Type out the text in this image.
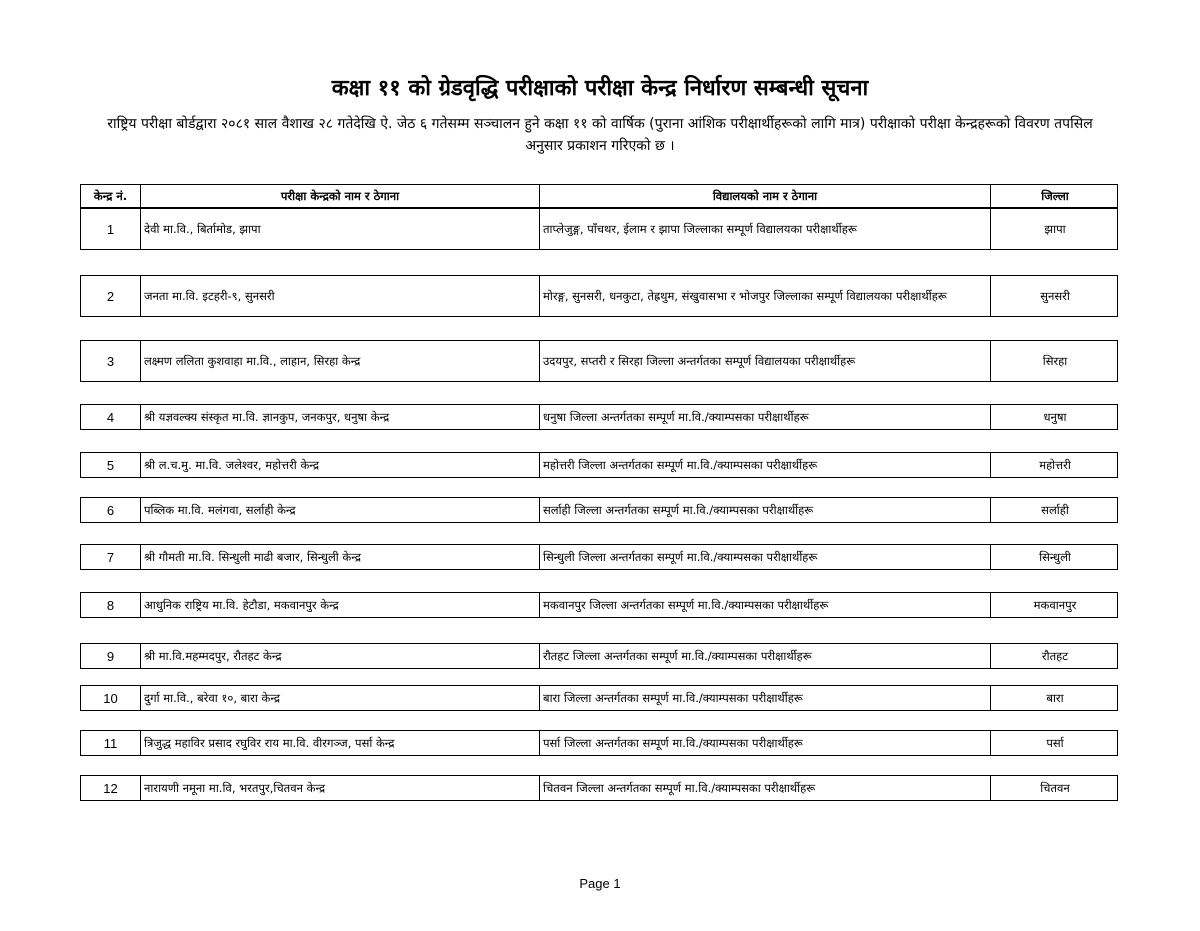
कक्षा ११ को ग्रेडवृद्धि परीक्षाको परीक्षा केन्द्र निर्धारण सम्बन्धी सूचना
राष्ट्रिय परीक्षा बोर्डद्वारा २०८१ साल वैशाख २८ गतेदेखि ऐ. जेठ ६ गतेसम्म सञ्चालन हुने कक्षा ११ को वार्षिक (पुराना आंशिक परीक्षार्थीहरूको लागि मात्र) परीक्षाको परीक्षा केन्द्रहरूको विवरण तपसिल अनुसार प्रकाशन गरिएको छ ।
केन्द्र नं.	परीक्षा केन्द्रको नाम र ठेगाना	विद्यालयको नाम र ठेगाना	जिल्ला
1	देवी मा.वि., बिर्तामोड, झापा	ताप्लेजुङ्ग, पाँचथर, ईलाम र झापा जिल्लाका सम्पूर्ण विद्यालयका परीक्षार्थीहरू	झापा
2	जनता मा.वि. इटहरी-९, सुनसरी	मोरङ्ग, सुनसरी, धनकुटा, तेह्रथुम, संखुवासभा र भोजपुर जिल्लाका सम्पूर्ण विद्यालयका परीक्षार्थीहरू	सुनसरी
3	लक्ष्मण ललिता कुशवाहा मा.वि., लाहान, सिरहा केन्द्र	उदयपुर, सप्तरी र सिरहा जिल्ला अन्तर्गतका सम्पूर्ण विद्यालयका परीक्षार्थीहरू	सिरहा
4	श्री यज्ञवल्क्य संस्कृत मा.वि. ज्ञानकुप, जनकपुर, धनुषा केन्द्र	धनुषा जिल्ला अन्तर्गतका सम्पूर्ण मा.वि./क्याम्पसका परीक्षार्थीहरू	धनुषा
5	श्री ल.च.मु. मा.वि. जलेश्वर, महोत्तरी केन्द्र	महोत्तरी जिल्ला अन्तर्गतका सम्पूर्ण मा.वि./क्याम्पसका परीक्षार्थीहरू	महोत्तरी
6	पब्लिक मा.वि. मलंगवा, सर्लाही केन्द्र	सर्लाही जिल्ला अन्तर्गतका सम्पूर्ण मा.वि./क्याम्पसका परीक्षार्थीहरू	सर्लाही
7	श्री गौमती मा.वि. सिन्धुली माढी बजार, सिन्धुली केन्द्र	सिन्धुली जिल्ला अन्तर्गतका सम्पूर्ण मा.वि./क्याम्पसका परीक्षार्थीहरू	सिन्धुली
8	आधुनिक राष्ट्रिय मा.वि. हेटौडा, मकवानपुर केन्द्र	मकवानपुर जिल्ला अन्तर्गतका सम्पूर्ण मा.वि./क्याम्पसका परीक्षार्थीहरू	मकवानपुर
9	श्री मा.वि.महम्मदपुर, रौतहट केन्द्र	रौतहट जिल्ला अन्तर्गतका सम्पूर्ण मा.वि./क्याम्पसका परीक्षार्थीहरू	रौतहट
10	दुर्गा मा.वि., बरेवा १०, बारा केन्द्र	बारा जिल्ला अन्तर्गतका सम्पूर्ण मा.वि./क्याम्पसका परीक्षार्थीहरू	बारा
11	त्रिजुद्ध महाविर प्रसाद रघुविर राय मा.वि. वीरगञ्ज, पर्सा केन्द्र	पर्सा जिल्ला अन्तर्गतका सम्पूर्ण मा.वि./क्याम्पसका परीक्षार्थीहरू	पर्सा
12	नारायणी नमूना मा.वि, भरतपुर,चितवन केन्द्र	चितवन जिल्ला अन्तर्गतका सम्पूर्ण मा.वि./क्याम्पसका परीक्षार्थीहरू	चितवन
Page 1
